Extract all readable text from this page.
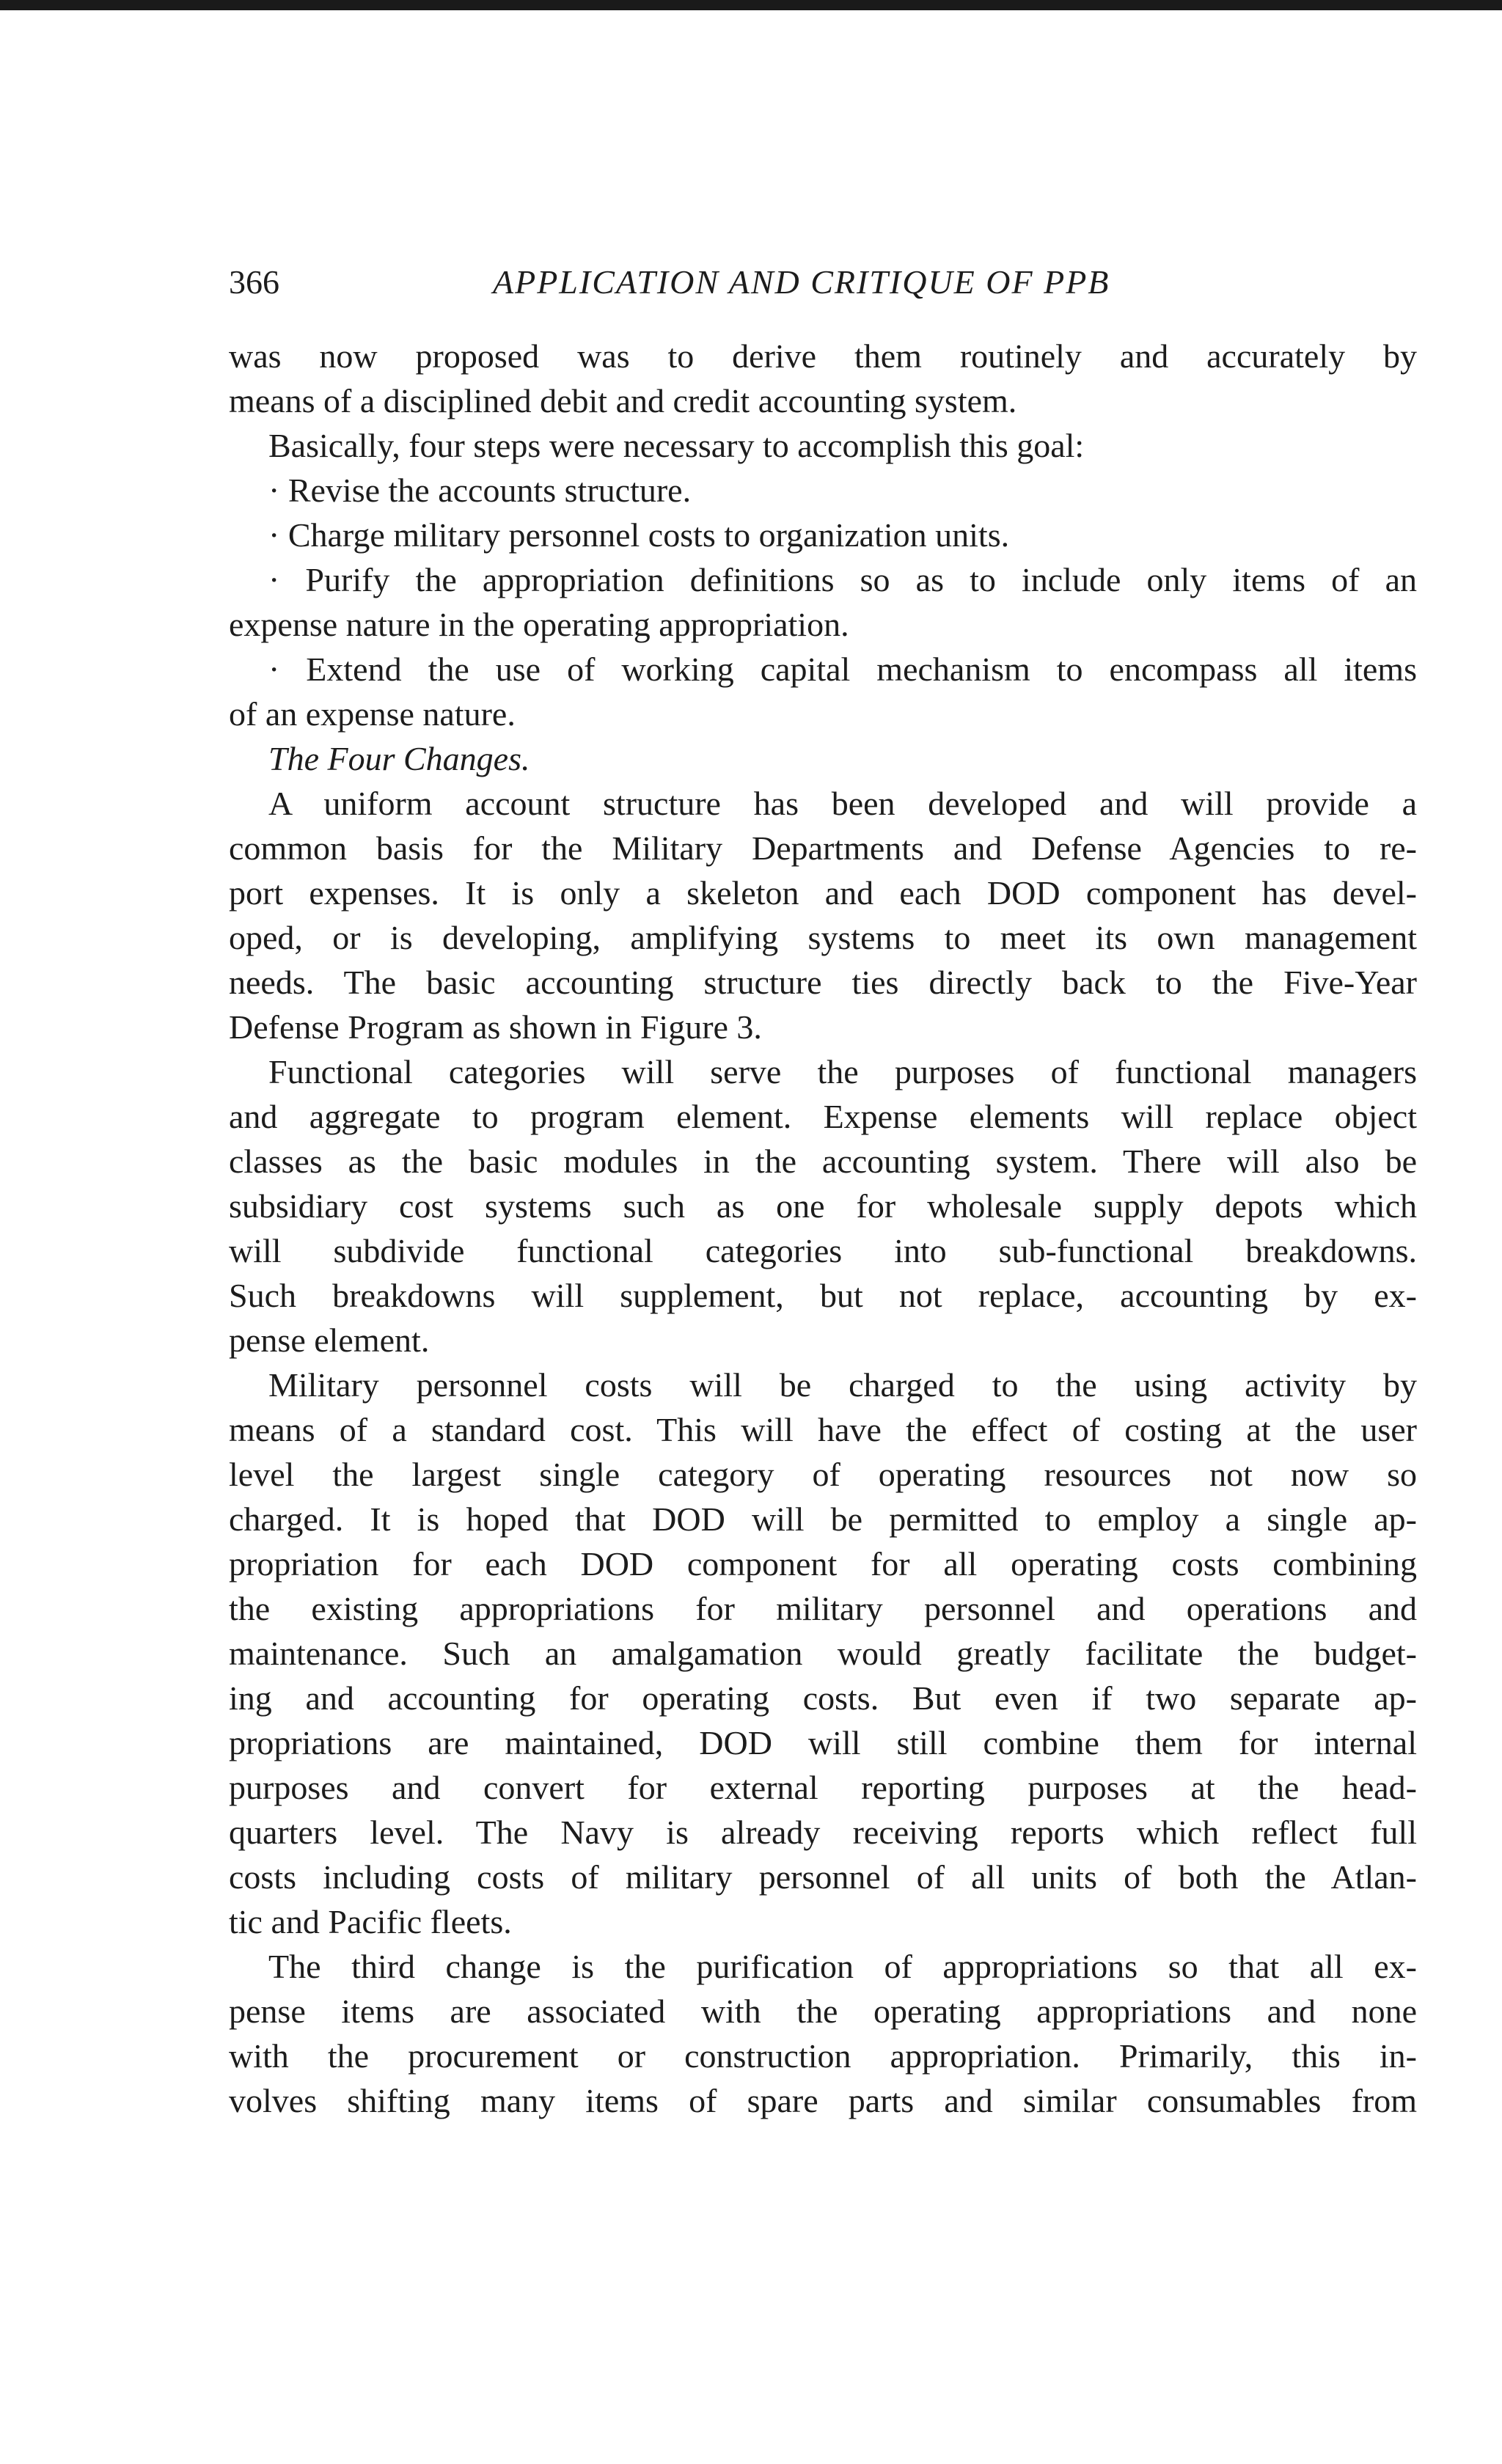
366	APPLICATION AND CRITIQUE OF PPB
was now proposed was to derive them routinely and accurately by
means of a disciplined debit and credit accounting system.
Basically, four steps were necessary to accomplish this goal:
· Revise the accounts structure.
· Charge military personnel costs to organization units.
· Purify the appropriation definitions so as to include only items of an
expense nature in the operating appropriation.
· Extend the use of working capital mechanism to encompass all items
of an expense nature.
The Four Changes.
A uniform account structure has been developed and will provide a
common basis for the Military Departments and Defense Agencies to re-
port expenses. It is only a skeleton and each DOD component has devel-
oped, or is developing, amplifying systems to meet its own management
needs. The basic accounting structure ties directly back to the Five-Year
Defense Program as shown in Figure 3.
Functional categories will serve the purposes of functional managers
and aggregate to program element. Expense elements will replace object
classes as the basic modules in the accounting system. There will also be
subsidiary cost systems such as one for wholesale supply depots which
will subdivide functional categories into sub-functional breakdowns.
Such breakdowns will supplement, but not replace, accounting by ex-
pense element.
Military personnel costs will be charged to the using activity by
means of a standard cost. This will have the effect of costing at the user
level the largest single category of operating resources not now so
charged. It is hoped that DOD will be permitted to employ a single ap-
propriation for each DOD component for all operating costs combining
the existing appropriations for military personnel and operations and
maintenance. Such an amalgamation would greatly facilitate the budget-
ing and accounting for operating costs. But even if two separate ap-
propriations are maintained, DOD will still combine them for internal
purposes and convert for external reporting purposes at the head-
quarters level. The Navy is already receiving reports which reflect full
costs including costs of military personnel of all units of both the Atlan-
tic and Pacific fleets.
The third change is the purification of appropriations so that all ex-
pense items are associated with the operating appropriations and none
with the procurement or construction appropriation. Primarily, this in-
volves shifting many items of spare parts and similar consumables from
